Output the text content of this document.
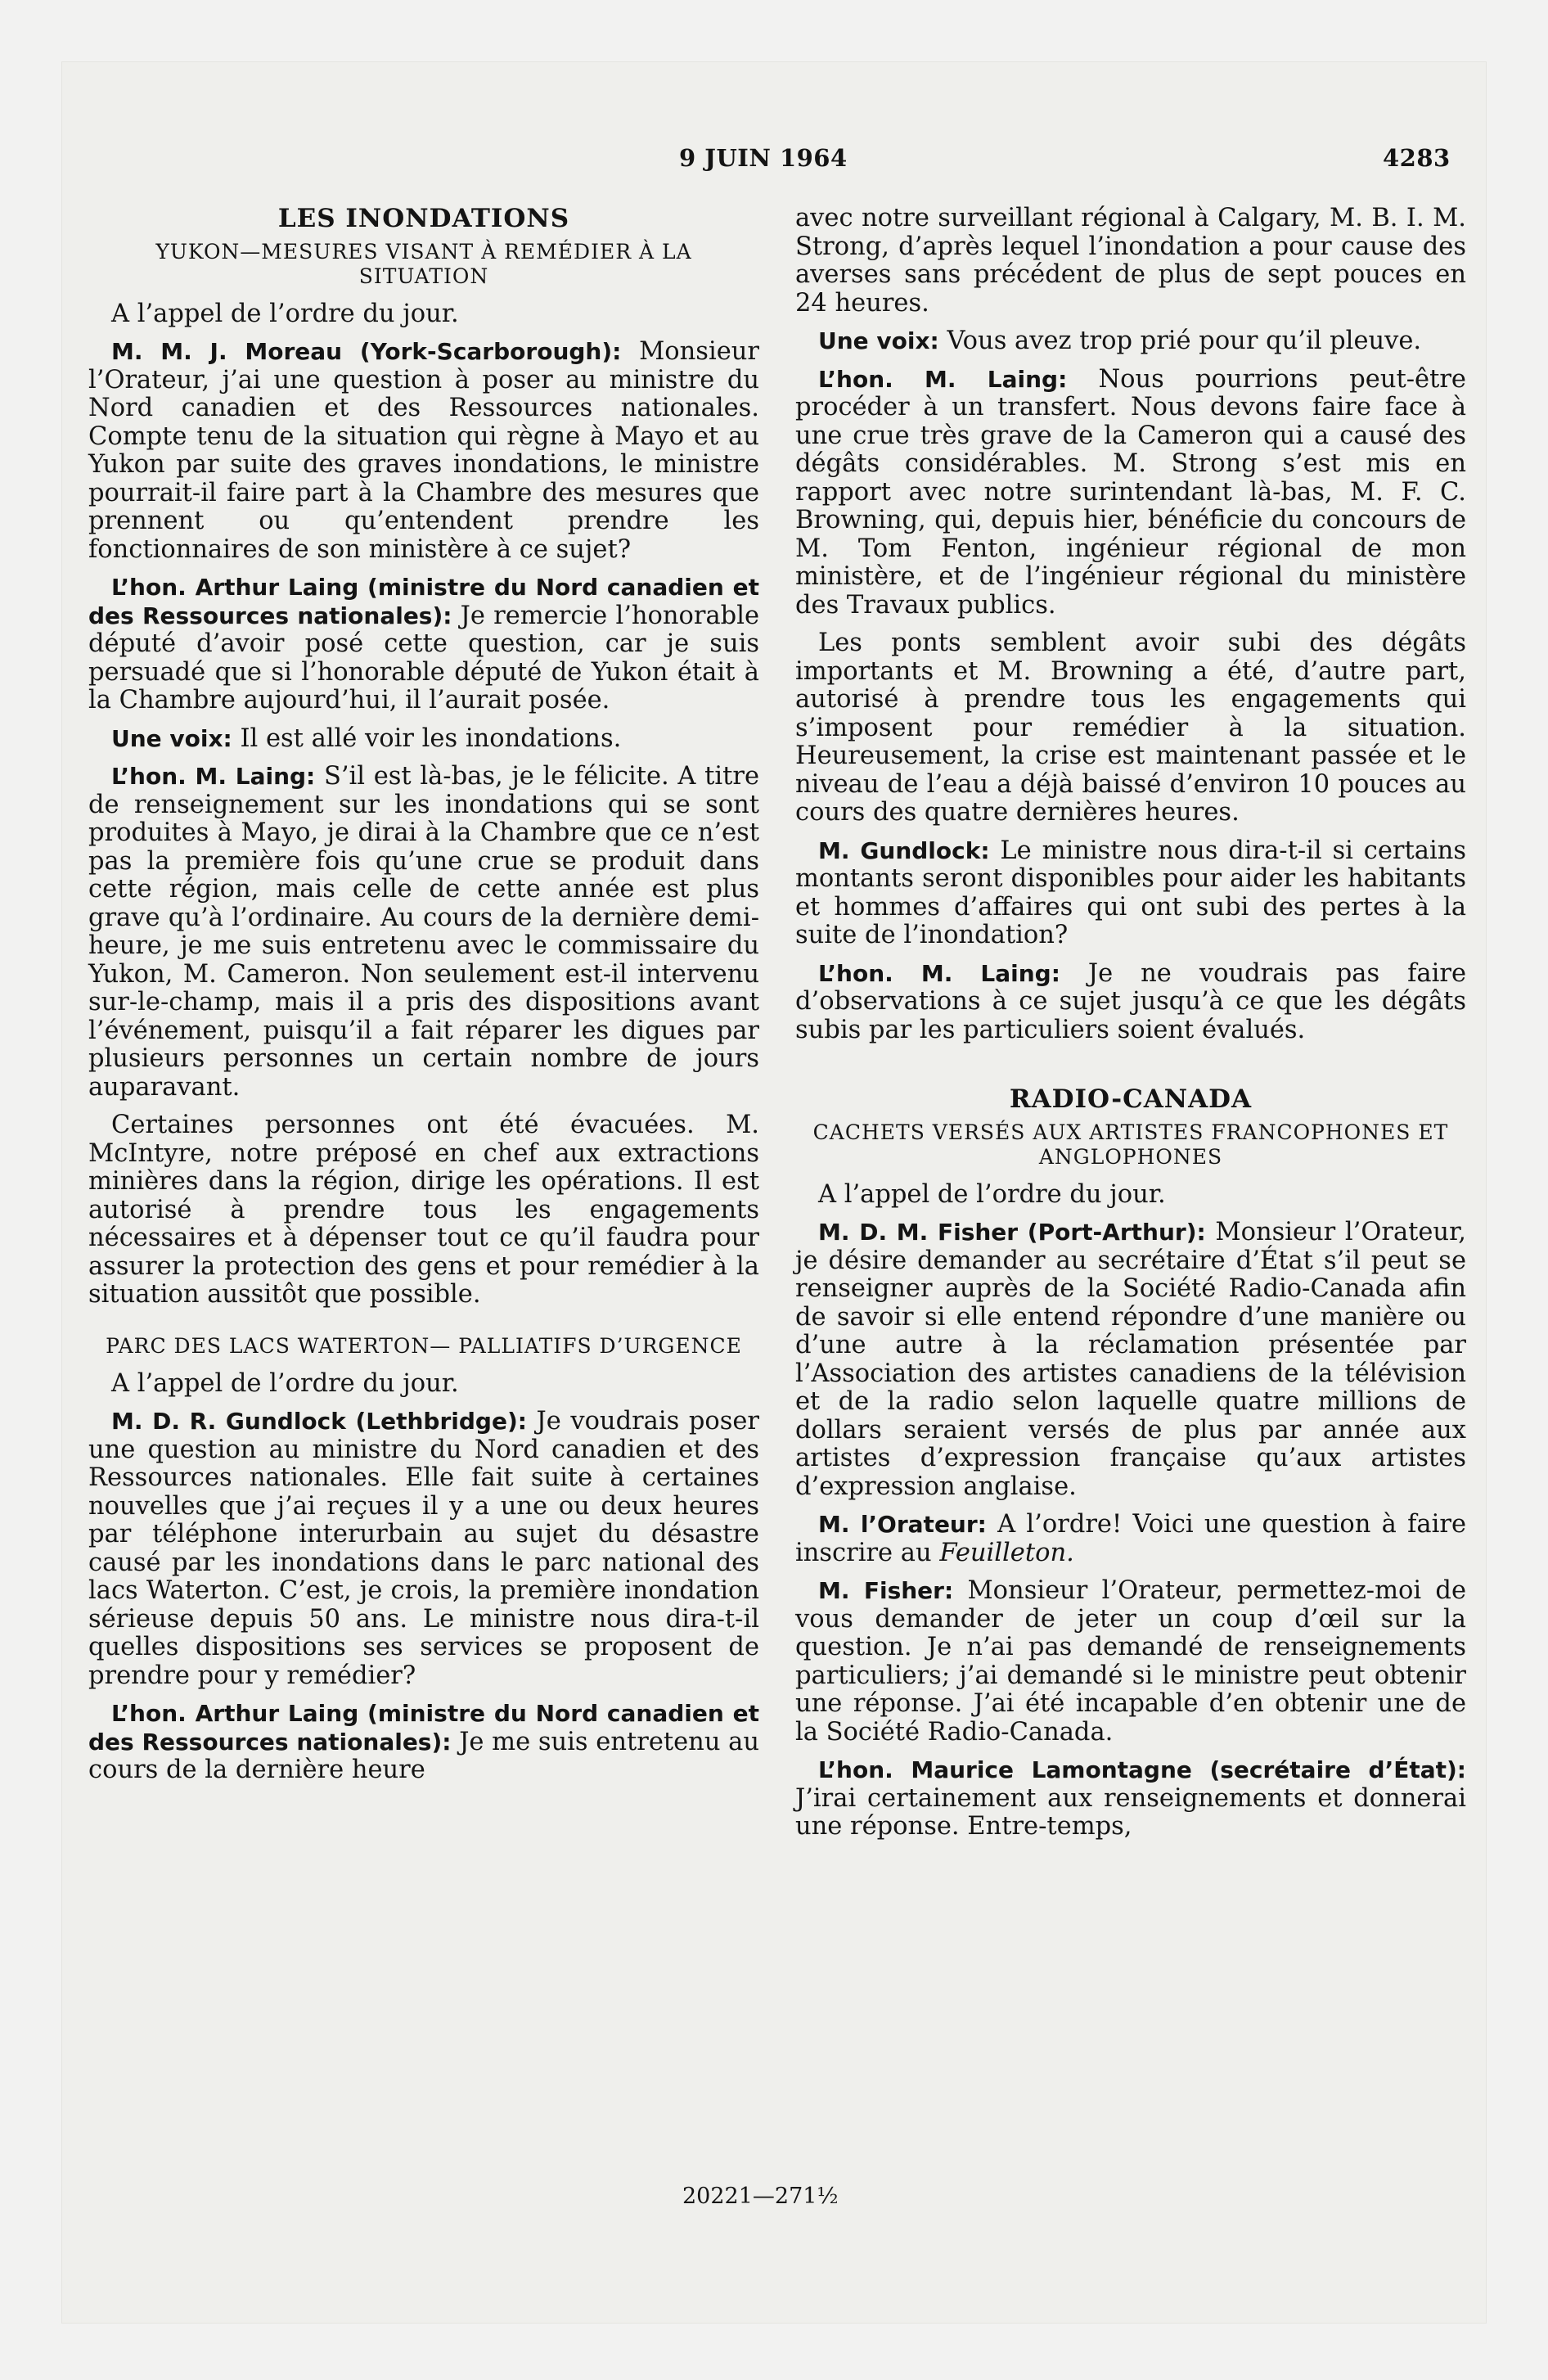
9 JUIN 1964	4283
LES INONDATIONS
YUKON—MESURES VISANT À REMÉDIER À LA SITUATION

A l’appel de l’ordre du jour.

M. M. J. Moreau (York-Scarborough): Monsieur l’Orateur, j’ai une question à poser au ministre du Nord canadien et des Ressources nationales. Compte tenu de la situation qui règne à Mayo et au Yukon par suite des graves inondations, le ministre pourrait-il faire part à la Chambre des mesures que prennent ou qu’entendent prendre les fonctionnaires de son ministère à ce sujet?

L’hon. Arthur Laing (ministre du Nord canadien et des Ressources nationales): Je remercie l’honorable député d’avoir posé cette question, car je suis persuadé que si l’honorable député de Yukon était à la Chambre aujourd’hui, il l’aurait posée.

Une voix: Il est allé voir les inondations.

L’hon. M. Laing: S’il est là-bas, je le félicite. A titre de renseignement sur les inondations qui se sont produites à Mayo, je dirai à la Chambre que ce n’est pas la première fois qu’une crue se produit dans cette région, mais celle de cette année est plus grave qu’à l’ordinaire. Au cours de la dernière demi-heure, je me suis entretenu avec le commissaire du Yukon, M. Cameron. Non seulement est-il intervenu sur-le-champ, mais il a pris des dispositions avant l’événement, puisqu’il a fait réparer les digues par plusieurs personnes un certain nombre de jours auparavant.

Certaines personnes ont été évacuées. M. McIntyre, notre préposé en chef aux extractions minières dans la région, dirige les opérations. Il est autorisé à prendre tous les engagements nécessaires et à dépenser tout ce qu’il faudra pour assurer la protection des gens et pour remédier à la situation aussitôt que possible.

PARC DES LACS WATERTON— PALLIATIFS D’URGENCE

A l’appel de l’ordre du jour.

M. D. R. Gundlock (Lethbridge): Je voudrais poser une question au ministre du Nord canadien et des Ressources nationales. Elle fait suite à certaines nouvelles que j’ai reçues il y a une ou deux heures par téléphone interurbain au sujet du désastre causé par les inondations dans le parc national des lacs Waterton. C’est, je crois, la première inondation sérieuse depuis 50 ans. Le ministre nous dira-t-il quelles dispositions ses services se proposent de prendre pour y remédier?

L’hon. Arthur Laing (ministre du Nord canadien et des Ressources nationales): Je me suis entretenu au cours de la dernière heure

avec notre surveillant régional à Calgary, M. B. I. M. Strong, d’après lequel l’inondation a pour cause des averses sans précédent de plus de sept pouces en 24 heures.

Une voix: Vous avez trop prié pour qu’il pleuve.

L’hon. M. Laing: Nous pourrions peut-être procéder à un transfert. Nous devons faire face à une crue très grave de la Cameron qui a causé des dégâts considérables. M. Strong s’est mis en rapport avec notre surintendant là-bas, M. F. C. Browning, qui, depuis hier, bénéficie du concours de M. Tom Fenton, ingénieur régional de mon ministère, et de l’ingénieur régional du ministère des Travaux publics.

Les ponts semblent avoir subi des dégâts importants et M. Browning a été, d’autre part, autorisé à prendre tous les engagements qui s’imposent pour remédier à la situation. Heureusement, la crise est maintenant passée et le niveau de l’eau a déjà baissé d’environ 10 pouces au cours des quatre dernières heures.

M. Gundlock: Le ministre nous dira-t-il si certains montants seront disponibles pour aider les habitants et hommes d’affaires qui ont subi des pertes à la suite de l’inondation?

L’hon. M. Laing: Je ne voudrais pas faire d’observations à ce sujet jusqu’à ce que les dégâts subis par les particuliers soient évalués.

RADIO-CANADA
CACHETS VERSÉS AUX ARTISTES FRANCOPHONES ET ANGLOPHONES

A l’appel de l’ordre du jour.

M. D. M. Fisher (Port-Arthur): Monsieur l’Orateur, je désire demander au secrétaire d’État s’il peut se renseigner auprès de la Société Radio-Canada afin de savoir si elle entend répondre d’une manière ou d’une autre à la réclamation présentée par l’Association des artistes canadiens de la télévision et de la radio selon laquelle quatre millions de dollars seraient versés de plus par année aux artistes d’expression française qu’aux artistes d’expression anglaise.

M. l’Orateur: A l’ordre! Voici une question à faire inscrire au Feuilleton.

M. Fisher: Monsieur l’Orateur, permettez-moi de vous demander de jeter un coup d’œil sur la question. Je n’ai pas demandé de renseignements particuliers; j’ai demandé si le ministre peut obtenir une réponse. J’ai été incapable d’en obtenir une de la Société Radio-Canada.

L’hon. Maurice Lamontagne (secrétaire d’État): J’irai certainement aux renseignements et donnerai une réponse. Entre-temps,

20221—271½
